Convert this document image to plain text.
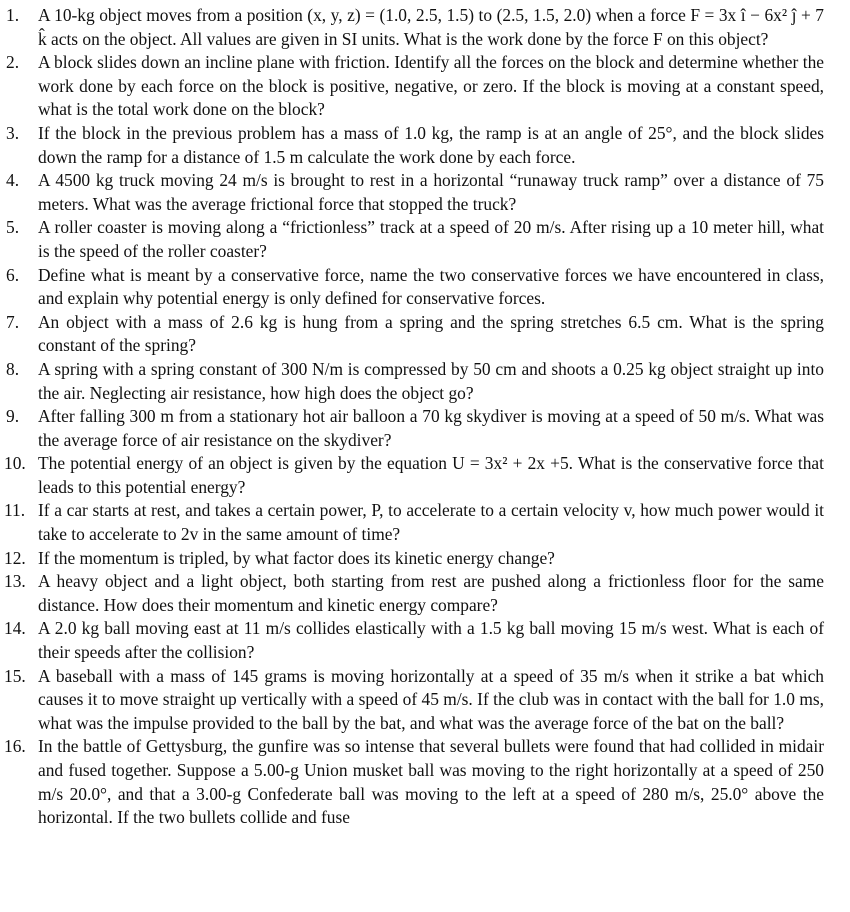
1.	A 10-kg object moves from a position (x, y, z) = (1.0, 2.5, 1.5) to (2.5, 1.5, 2.0) when a force F = 3x î − 6x² ĵ + 7 k̂ acts on the object. All values are given in SI units. What is the work done by the force F on this object?
2.	A block slides down an incline plane with friction. Identify all the forces on the block and determine whether the work done by each force on the block is positive, negative, or zero. If the block is moving at a constant speed, what is the total work done on the block?
3.	If the block in the previous problem has a mass of 1.0 kg, the ramp is at an angle of 25°, and the block slides down the ramp for a distance of 1.5 m calculate the work done by each force.
4.	A 4500 kg truck moving 24 m/s is brought to rest in a horizontal “runaway truck ramp” over a distance of 75 meters. What was the average frictional force that stopped the truck?
5.	A roller coaster is moving along a “frictionless” track at a speed of 20 m/s. After rising up a 10 meter hill, what is the speed of the roller coaster?
6.	Define what is meant by a conservative force, name the two conservative forces we have encountered in class, and explain why potential energy is only defined for conservative forces.
7.	An object with a mass of 2.6 kg is hung from a spring and the spring stretches 6.5 cm. What is the spring constant of the spring?
8.	A spring with a spring constant of 300 N/m is compressed by 50 cm and shoots a 0.25 kg object straight up into the air. Neglecting air resistance, how high does the object go?
9.	After falling 300 m from a stationary hot air balloon a 70 kg skydiver is moving at a speed of 50 m/s. What was the average force of air resistance on the skydiver?
10. The potential energy of an object is given by the equation U = 3x² + 2x +5. What is the conservative force that leads to this potential energy?
11. If a car starts at rest, and takes a certain power, P, to accelerate to a certain velocity v, how much power would it take to accelerate to 2v in the same amount of time?
12. If the momentum is tripled, by what factor does its kinetic energy change?
13. A heavy object and a light object, both starting from rest are pushed along a frictionless floor for the same distance. How does their momentum and kinetic energy compare?
14. A 2.0 kg ball moving east at 11 m/s collides elastically with a 1.5 kg ball moving 15 m/s west. What is each of their speeds after the collision?
15. A baseball with a mass of 145 grams is moving horizontally at a speed of 35 m/s when it strike a bat which causes it to move straight up vertically with a speed of 45 m/s. If the club was in contact with the ball for 1.0 ms, what was the impulse provided to the ball by the bat, and what was the average force of the bat on the ball?
16. In the battle of Gettysburg, the gunfire was so intense that several bullets were found that had collided in midair and fused together. Suppose a 5.00-g Union musket ball was moving to the right horizontally at a speed of 250 m/s 20.0°, and that a 3.00-g Confederate ball was moving to the left at a speed of 280 m/s, 25.0° above the horizontal. If the two bullets collide and fuse
